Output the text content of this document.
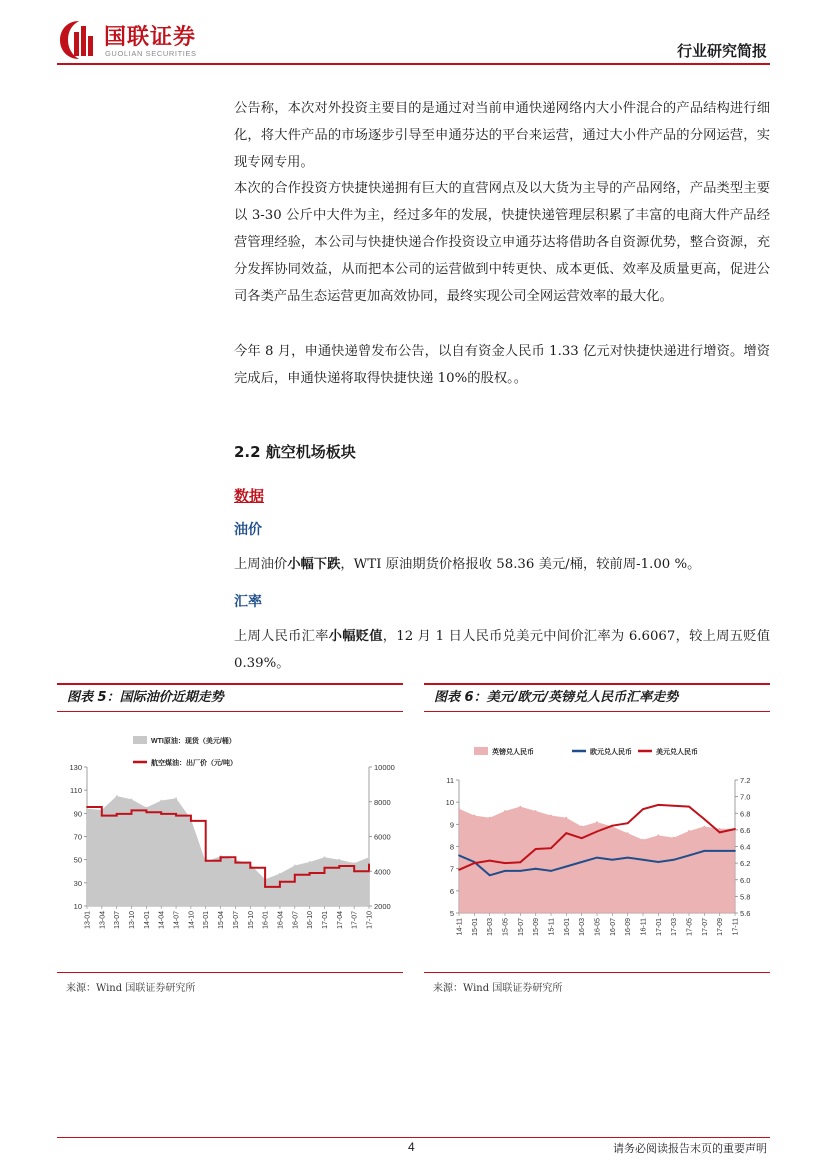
国联证券
GUOLIAN SECURITIES	行业研究简报

公告称，本次对外投资主要目的是通过对当前申通快递网络内大小件混合的产品结构进行细化，将大件产品的市场逐步引导至申通芬达的平台来运营，通过大小件产品的分网运营，实现专网专用。

本次的合作投资方快捷快递拥有巨大的直营网点及以大货为主导的产品网络，产品类型主要以 3-30 公斤中大件为主，经过多年的发展，快捷快递管理层积累了丰富的电商大件产品经营管理经验，本公司与快捷快递合作投资设立申通芬达将借助各自资源优势，整合资源，充分发挥协同效益，从而把本公司的运营做到中转更快、成本更低、效率及质量更高，促进公司各类产品生态运营更加高效协同，最终实现公司全网运营效率的最大化。

今年 8 月，申通快递曾发布公告，以自有资金人民币 1.33 亿元对快捷快递进行增资。增资完成后，申通快递将取得快捷快递 10%的股权。。

2.2 航空机场板块
数据
油价

上周油价小幅下跌，WTI 原油期货价格报收 58.36 美元/桶，较前周-1.00 %。

汇率

上周人民币汇率小幅贬值，12 月 1 日人民币兑美元中间价汇率为 6.6067，较上周五贬值 0.39%。

图表 5：国际油价近期走势
10
30
50
70
90
110
130
2000
4000
6000
8000
10000
13-01 13-04 13-07 13-10 14-01 14-04 14-07 14-10 15-01 15-04 15-07 15-10 16-01 16-04 16-07 16-10 17-01 17-04 17-07 17-10
WTI原油：现货（美元/桶）
航空煤油：出厂价（元/吨）
来源：Wind 国联证券研究所
图表 6：美元/欧元/英镑兑人民币汇率走势
5
6
7
8
9
10
11
5.6
5.8
6.0
6.2
6.4
6.6
6.8
7.0
7.2
14-11 15-01 15-03 15-05 15-07 15-09 15-11 16-01 16-03 16-05 16-07 16-09 16-11 17-01 17-03 17-05 17-07 17-09 17-11
英镑兑人民币	欧元兑人民币	美元兑人民币
来源：Wind 国联证券研究所
4	请务必阅读报告末页的重要声明
